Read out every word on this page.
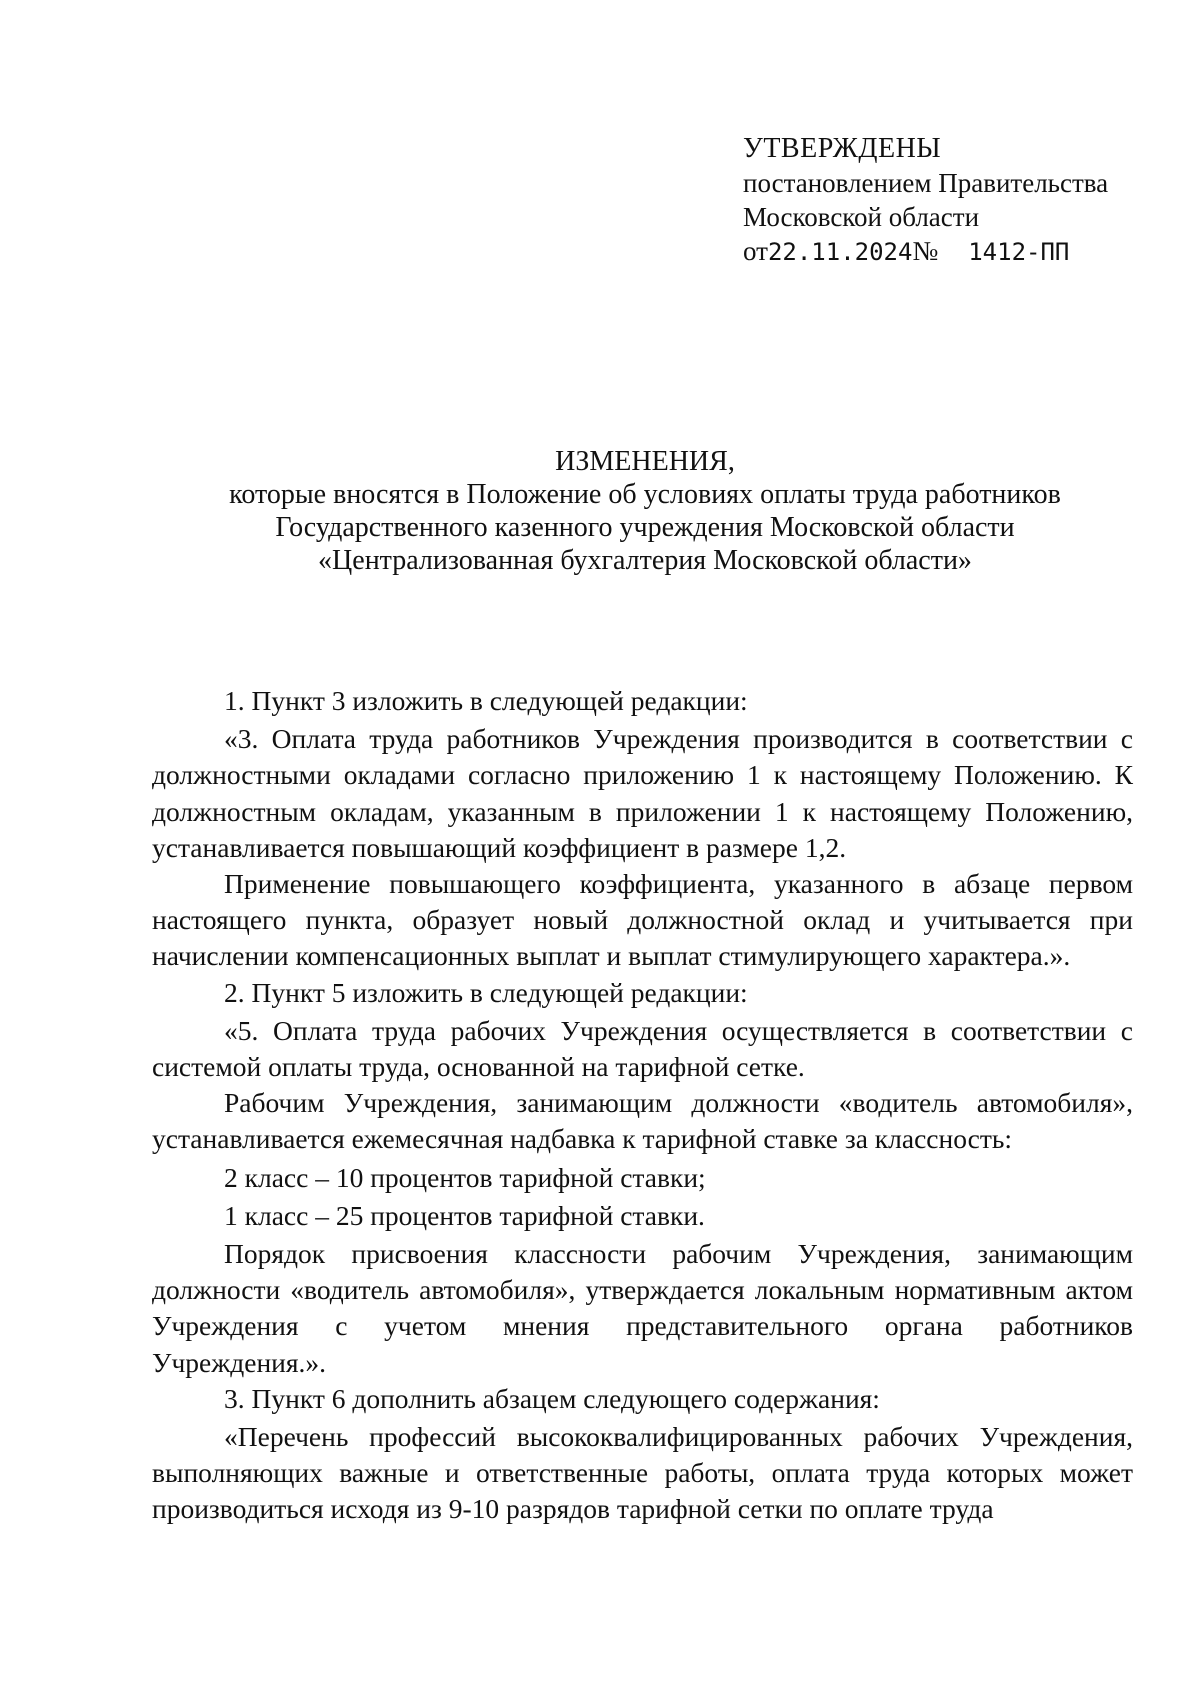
УТВЕРЖДЕНЫ
постановлением Правительства
Московской области
от22.11.2024№ 1412-ПП
ИЗМЕНЕНИЯ,
которые вносятся в Положение об условиях оплаты труда работников
Государственного казенного учреждения Московской области
«Централизованная бухгалтерия Московской области»

1. Пункт 3 изложить в следующей редакции:

«3. Оплата труда работников Учреждения производится в соответствии с должностными окладами согласно приложению 1 к настоящему Положению. К должностным окладам, указанным в приложении 1 к настоящему Положению, устанавливается повышающий коэффициент в размере 1,2.

Применение повышающего коэффициента, указанного в абзаце первом настоящего пункта, образует новый должностной оклад и учитывается при начислении компенсационных выплат и выплат стимулирующего характера.».

2. Пункт 5 изложить в следующей редакции:

«5. Оплата труда рабочих Учреждения осуществляется в соответствии с системой оплаты труда, основанной на тарифной сетке.

Рабочим Учреждения, занимающим должности «водитель автомобиля», устанавливается ежемесячная надбавка к тарифной ставке за классность:

2 класс – 10 процентов тарифной ставки;

1 класс – 25 процентов тарифной ставки.

Порядок присвоения классности рабочим Учреждения, занимающим должности «водитель автомобиля», утверждается локальным нормативным актом Учреждения с учетом мнения представительного органа работников Учреждения.».

3. Пункт 6 дополнить абзацем следующего содержания:

«Перечень профессий высококвалифицированных рабочих Учреждения, выполняющих важные и ответственные работы, оплата труда которых может производиться исходя из 9-10 разрядов тарифной сетки по оплате труда
